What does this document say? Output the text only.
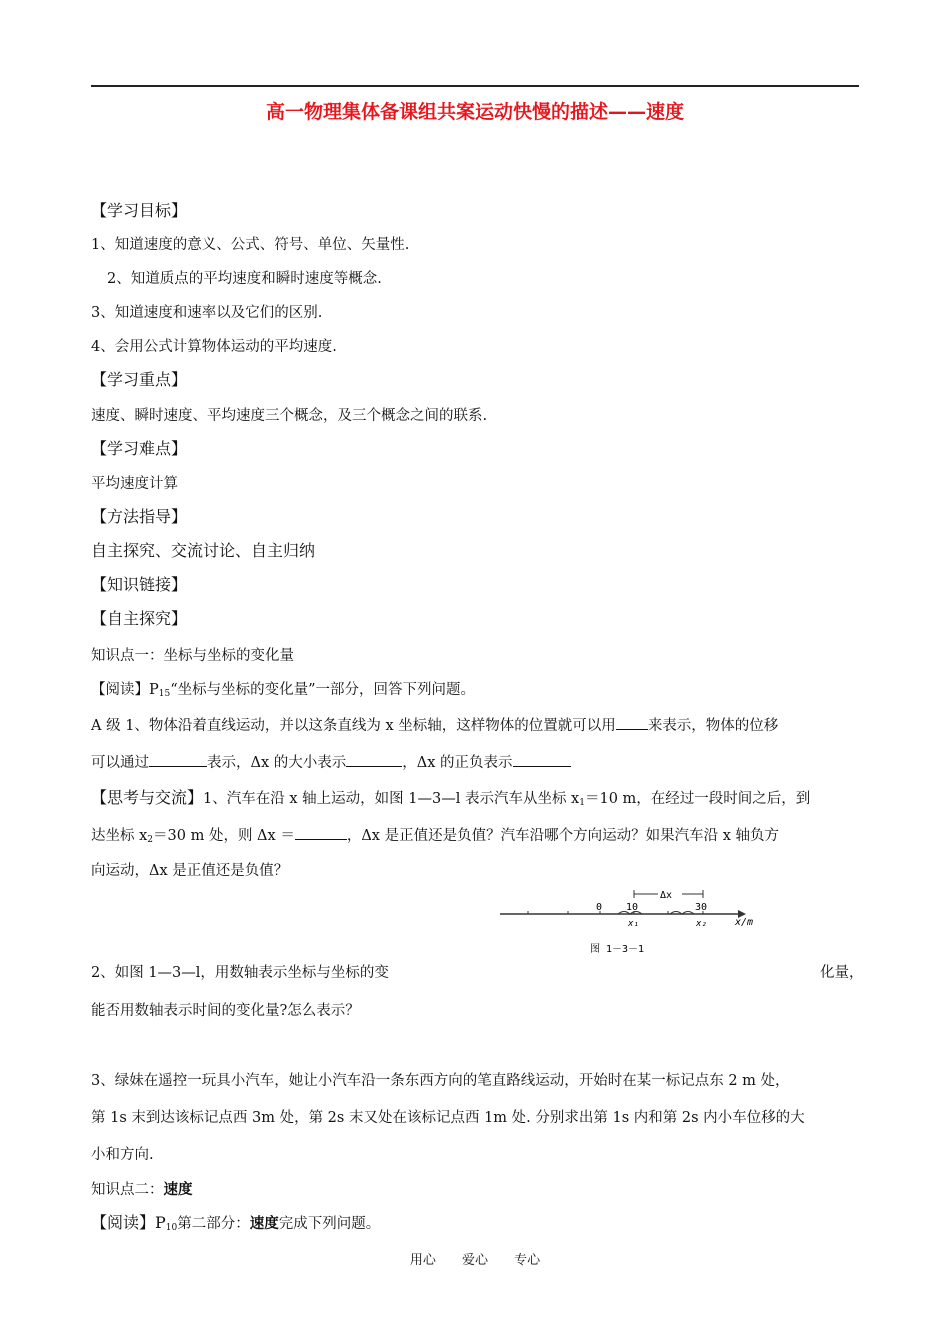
高一物理集体备课组共案运动快慢的描述——速度
【学习目标】
1、知道速度的意义、公式、符号、单位、矢量性.
2、知道质点的平均速度和瞬时速度等概念.
3、知道速度和速率以及它们的区别.
4、会用公式计算物体运动的平均速度.
【学习重点】
速度、瞬时速度、平均速度三个概念，及三个概念之间的联系.
【学习难点】
平均速度计算
【方法指导】
自主探究、交流讨论、自主归纳
【知识链接】
【自主探究】
知识点一：坐标与坐标的变化量
【阅读】$P_{15}“$坐标与坐标的变化量”一部分，回答下列问题。
A 级 1、物体沿着直线运动，并以这条直线为 x 坐标轴，这样物体的位置就可以用 来表示，物体的位移
可以通过	表示，Δx 的大小表示	，Δx 的正负表示
【思考与交流】1、汽车在沿 x 轴上运动，如图 1—3—l 表示汽车从坐标 $x_1=10$ m，在经过一段时间之后，到
达坐标 $x_2=30$ m 处，则 Δx ＝	，Δx 是正值还是负值？汽车沿哪个方向运动？如果汽车沿 x 轴负方
向运动，Δx 是正值还是负值？
Δx
0 10	30
x₁	x₂	x/m
图 1－3－1
2、如图 1—3—l，用数轴表示坐标与坐标的变	化量，
能否用数轴表示时间的变化量?怎么表示？
3、绿妹在遥控一玩具小汽车，她让小汽车沿一条东西方向的笔直路线运动，开始时在某一标记点东 2 m 处，
第 1s 末到达该标记点西 3m 处，第 2s 末又处在该标记点西 1m 处. 分别求出第 1s 内和第 2s 内小车位移的大
小和方向.
知识点二：速度
【阅读】$P_{10}$第二部分：速度完成下列问题。
用心 爱心 专心
